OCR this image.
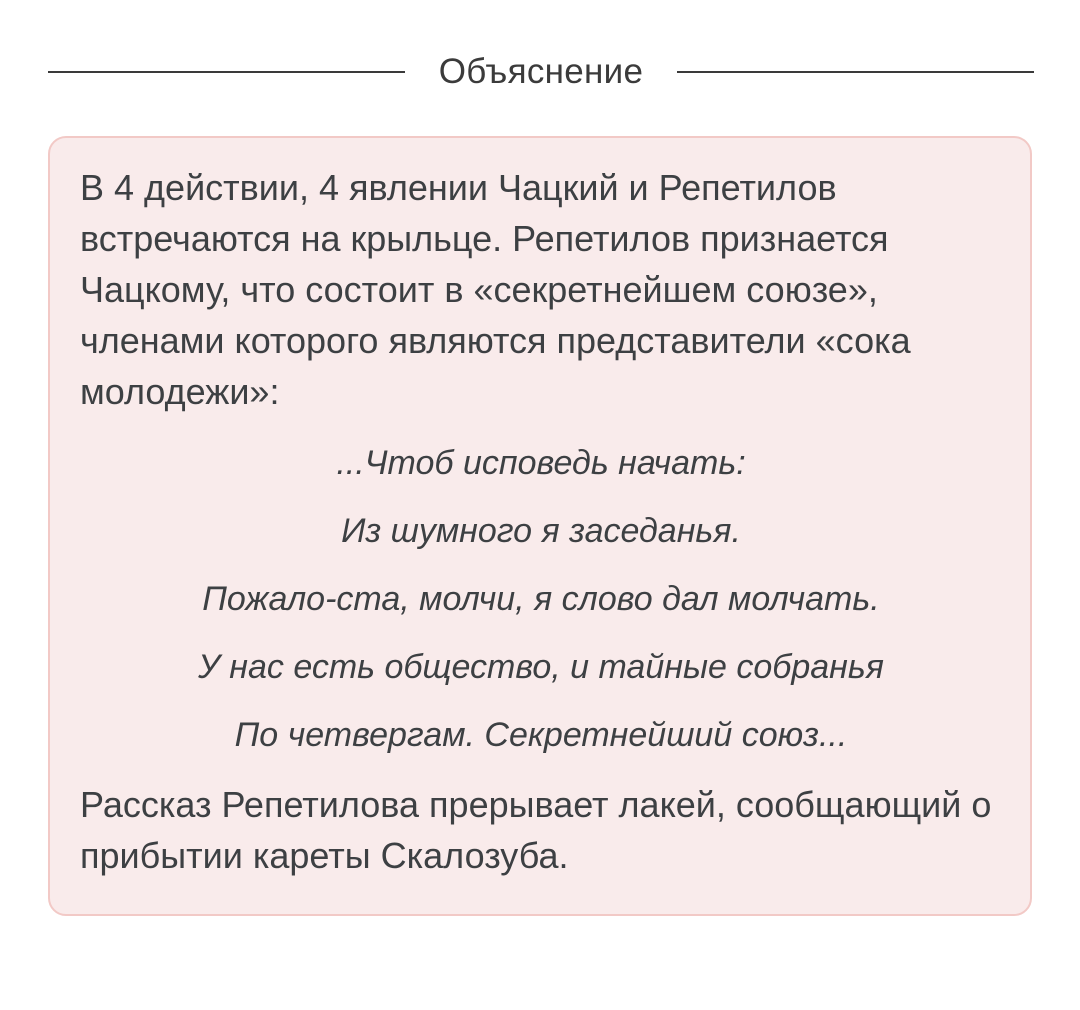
Объяснение

В 4 действии, 4 явлении Чацкий и Репетилов встречаются на крыльце. Репетилов признается Чацкому, что состоит в «секретнейшем союзе», членами которого являются представители «сока молодежи»:

...Чтоб исповедь начать:
Из шумного я заседанья.
Пожало-ста, молчи, я слово дал молчать.
У нас есть общество, и тайные собранья
По четвергам. Секретнейший союз...

Рассказ Репетилова прерывает лакей, сообщающий о прибытии кареты Скалозуба.
